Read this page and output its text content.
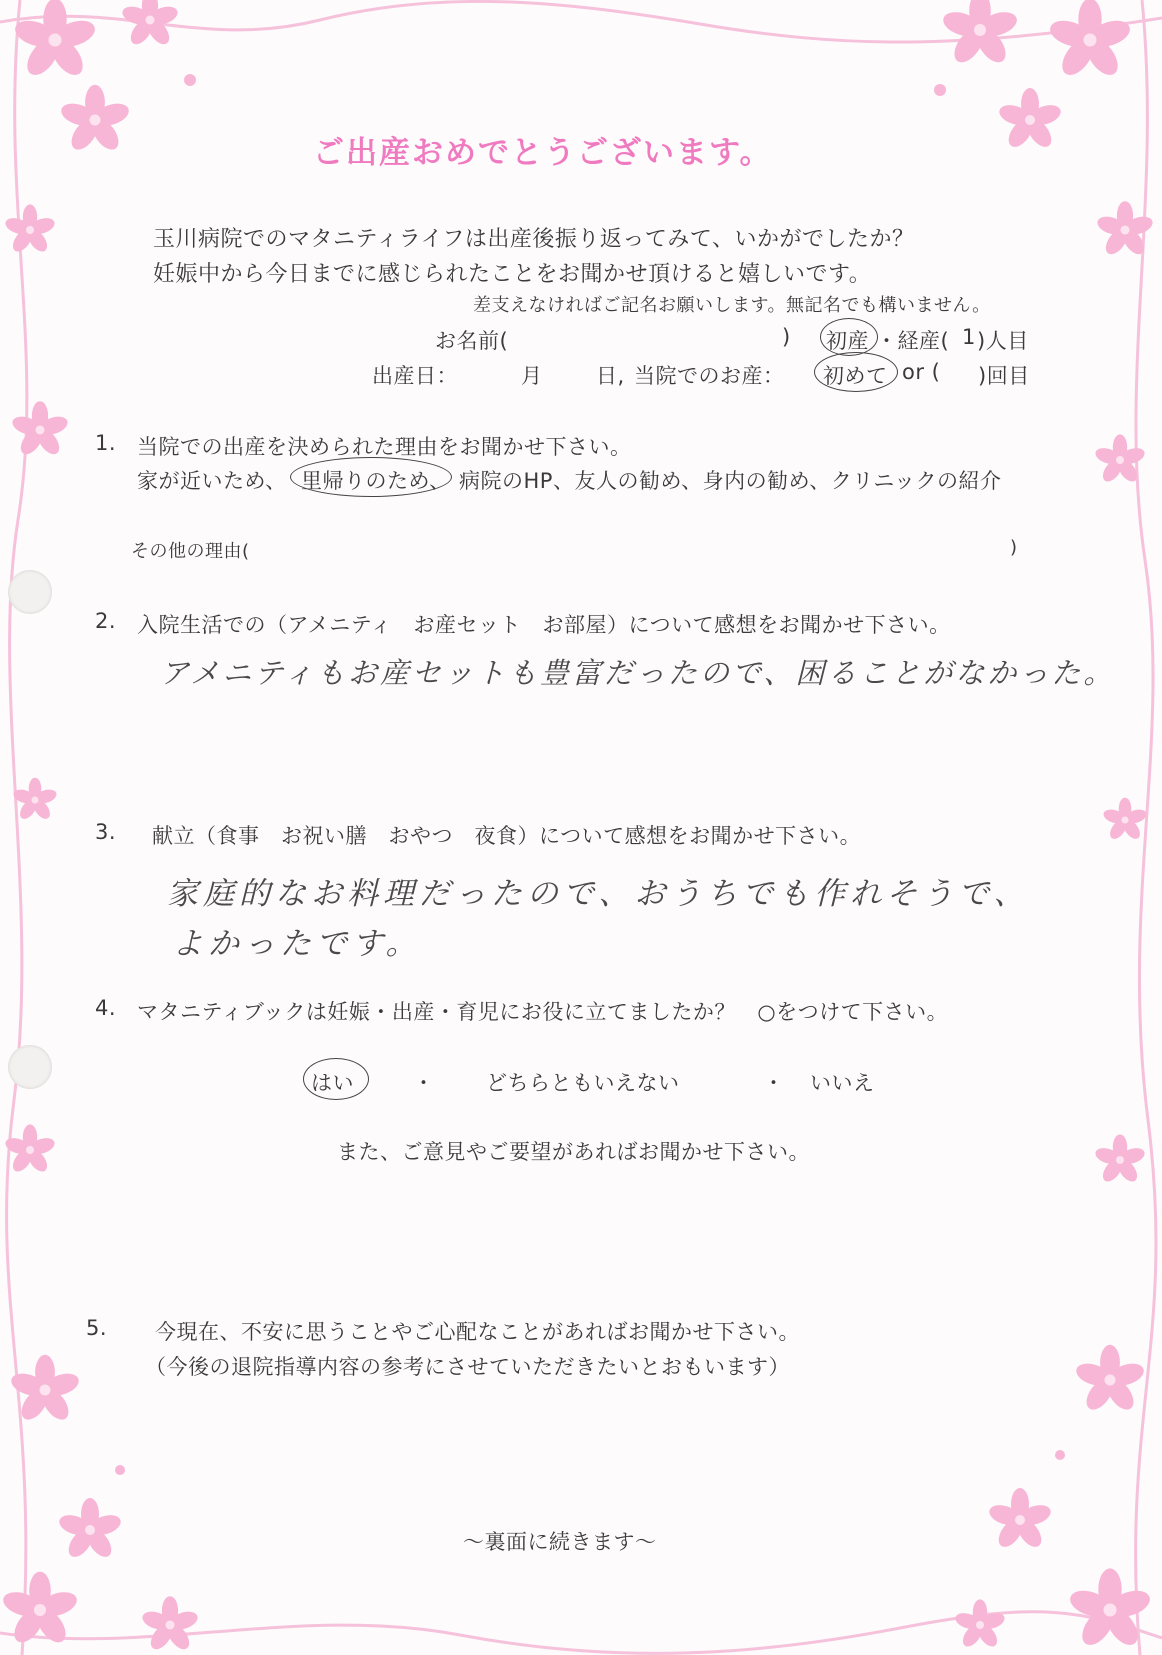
ご出産おめでとうございます。
玉川病院でのマタニティライフは出産後振り返ってみて、いかがでしたか？
妊娠中から今日までに感じられたことをお聞かせ頂けると嬉しいです。
差支えなければご記名お願いします。無記名でも構いません。
お名前(	) 初産 ・経産( 1 )人目
出産日：	月	日, 当院でのお産： 初めて or ( )回目
1. 当院での出産を決められた理由をお聞かせ下さい。
家が近いため、 里帰りのため、 病院のHP、友人の勧め、身内の勧め、クリニックの紹介
その他の理由(	)
2. 入院生活での（アメニティ　お産セット　お部屋）について感想をお聞かせ下さい。
アメニティもお産セットも豊富だったので、困ることがなかった。
3. 献立（食事　お祝い膳　おやつ　夜食）について感想をお聞かせ下さい。
家庭的なお料理だったので、おうちでも作れそうで、
よかったです。
4. マタニティブックは妊娠・出産・育児にお役に立てましたか？　○をつけて下さい。
はい	・ どちらともいえない	・ いいえ
また、ご意見やご要望があればお聞かせ下さい。
5. 今現在、不安に思うことやご心配なことがあればお聞かせ下さい。
（今後の退院指導内容の参考にさせていただきたいとおもいます）
〜裏面に続きます〜
